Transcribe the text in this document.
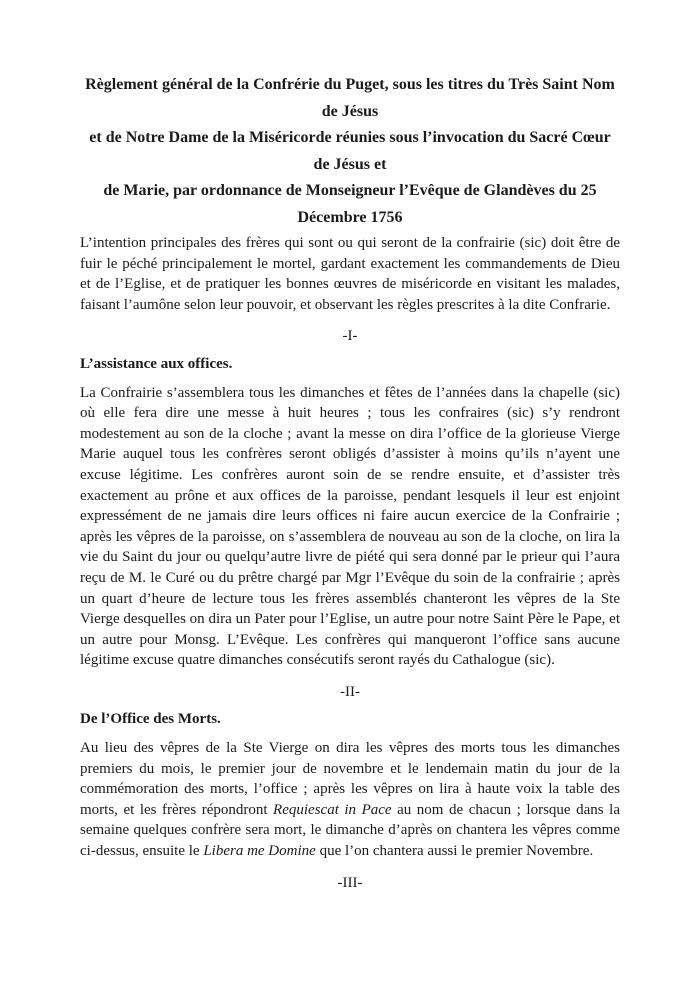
Règlement général de la Confrérie du Puget, sous les titres du Très Saint Nom de Jésus
et de Notre Dame de la Miséricorde réunies sous l’invocation du Sacré Cœur de Jésus et
de Marie, par ordonnance de Monseigneur l’Evêque de Glandèves du 25 Décembre 1756

L’intention principales des frères qui sont ou qui seront de la confrairie (sic) doit être de fuir le péché principalement le mortel, gardant exactement les commandements de Dieu et de l’Eglise, et de pratiquer les bonnes œuvres de miséricorde en visitant les malades, faisant l’aumône selon leur pouvoir, et observant les règles prescrites à la dite Confrarie.

-I-
L’assistance aux offices.

La Confrairie s’assemblera tous les dimanches et fêtes de l’années dans la chapelle (sic) où elle fera dire une messe à huit heures ; tous les confraires (sic) s’y rendront modestement au son de la cloche ; avant la messe on dira l’office de la glorieuse Vierge Marie auquel tous les confrères seront obligés d’assister à moins qu’ils n’ayent une excuse légitime. Les confrères auront soin de se rendre ensuite, et d’assister très exactement au prône et aux offices de la paroisse, pendant lesquels il leur est enjoint expressément de ne jamais dire leurs offices ni faire aucun exercice de la Confrairie ; après les vêpres de la paroisse, on s’assemblera de nouveau au son de la cloche, on lira la vie du Saint du jour ou quelqu’autre livre de piété qui sera donné par le prieur qui l’aura reçu de M. le Curé ou du prêtre chargé par Mgr l’Evêque du soin de la confrairie ; après un quart d’heure de lecture tous les frères assemblés chanteront les vêpres de la Ste Vierge desquelles on dira un Pater pour l’Eglise, un autre pour notre Saint Père le Pape, et un autre pour Monsg. L’Evêque. Les confrères qui manqueront l’office sans aucune légitime excuse quatre dimanches consécutifs seront rayés du Cathalogue (sic).

-II-
De l’Office des Morts.

Au lieu des vêpres de la Ste Vierge on dira les vêpres des morts tous les dimanches premiers du mois, le premier jour de novembre et le lendemain matin du jour de la commémoration des morts, l’office ; après les vêpres on lira à haute voix la table des morts, et les frères répondront Requiescat in Pace au nom de chacun ; lorsque dans la semaine quelques confrère sera mort, le dimanche d’après on chantera les vêpres comme ci-dessus, ensuite le Libera me Domine que l’on chantera aussi le premier Novembre.

-III-
